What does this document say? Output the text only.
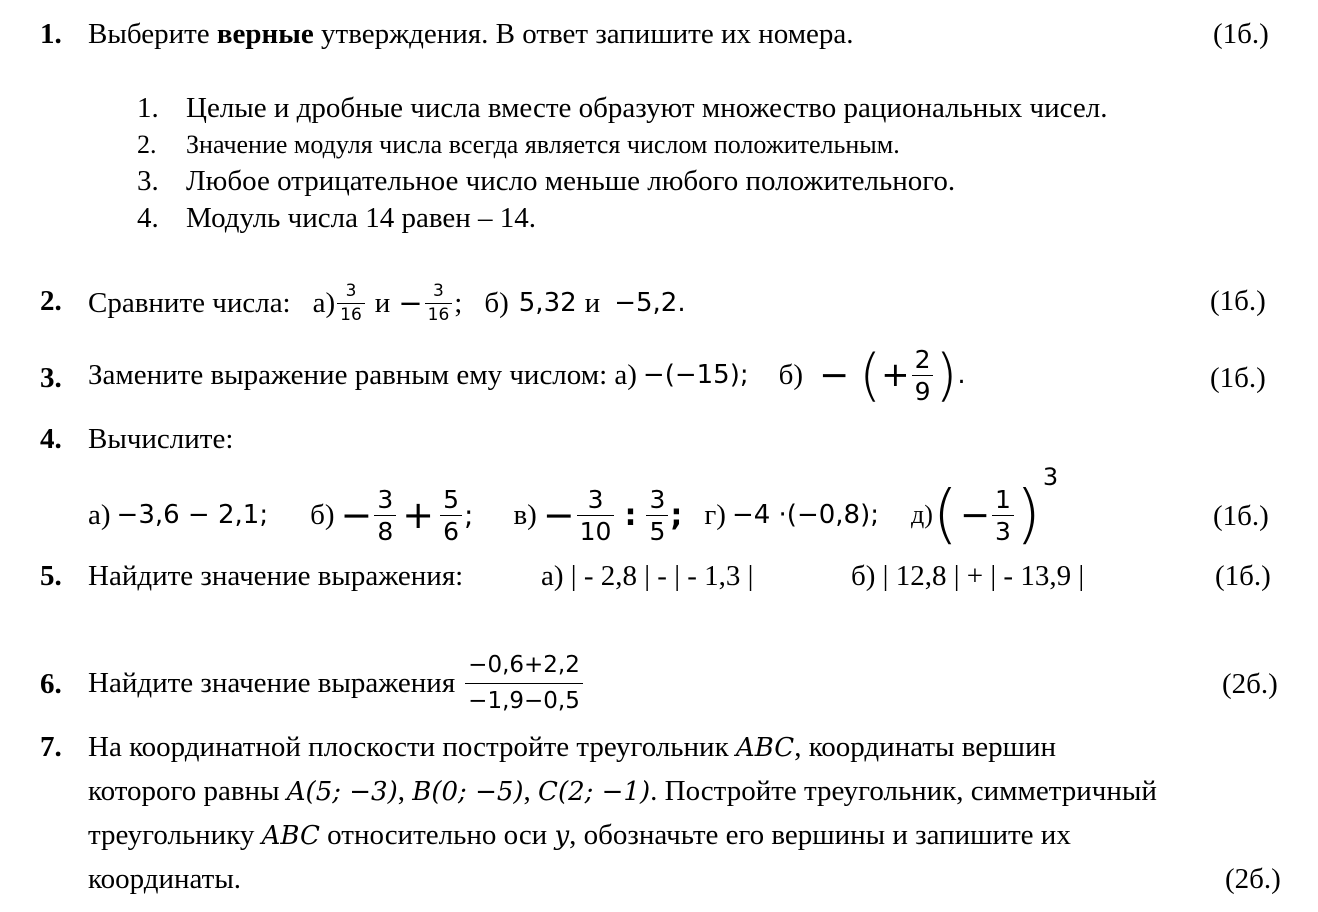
1. Выберите верные утверждения. В ответ запишите их номера.	(1б.)
1. Целые и дробные числа вместе образуют множество рациональных чисел.
2. Значение модуля числа всегда является числом положительным.
3. Любое отрицательное число меньше любого положительного.
4. Модуль числа 14 равен – 14.
2. Сравните числа: а) 3
16 $и - \frac{3}{16}$ ; б) 5,32 и −5,2.	(1б.)
3. Замените выражение равным ему числом: а) −(−15); б) − ( + $\frac{2}{9}$ ) .	(1б.)
4. Вычислите:
а) −3,6 − 2,1; $б) - \frac{3}{8} + \frac{5}{6}$ ; $в) - \frac{3}{10}$ : 3
5 ; г) −4 ·(−0,8); д) ( − $\frac{1}{3}$ )
3
(1б.)
5. Найдите значение выражения:	а) | - 2,8 | - | - 1,3 |	б) | 12,8 | + | - 13,9 |	(1б.)
6. Найдите значение выражения
−0,6+2,2
−1,9−0,5
(2б.)
7. На координатной плоскости постройте треугольник ABC, координаты вершин
которого равны A(5; −3), B(0; −5), C(2; −1). Постройте треугольник, симметричный
треугольнику ABC относительно оси y, обозначьте его вершины и запишите их
координаты.	(2б.)
